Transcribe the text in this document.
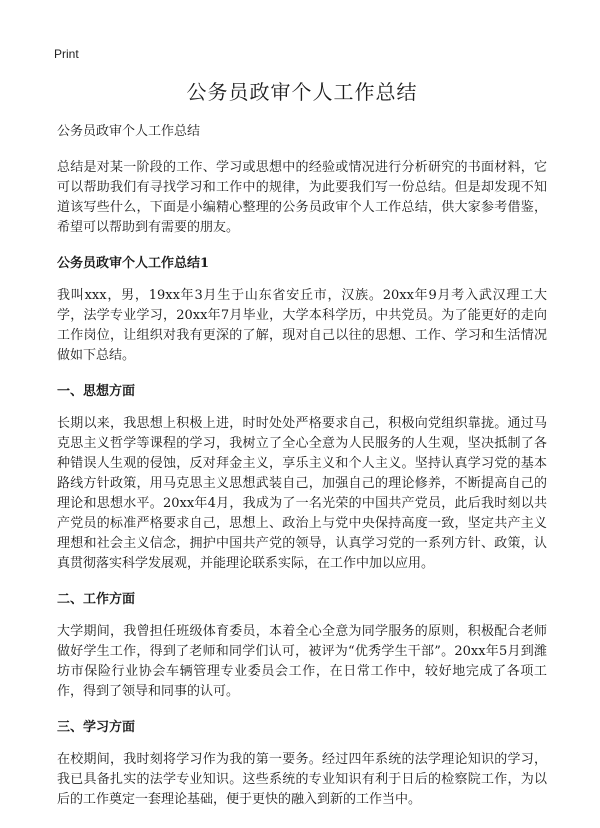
Print
公务员政审个人工作总结
公务员政审个人工作总结

总结是对某一阶段的工作、学习或思想中的经验或情况进行分析研究的书面材料，它可以帮助我们有寻找学习和工作中的规律，为此要我们写一份总结。但是却发现不知道该写些什么，下面是小编精心整理的公务员政审个人工作总结，供大家参考借鉴，希望可以帮助到有需要的朋友。

公务员政审个人工作总结1

我叫xxx，男，19xx年3月生于山东省安丘市，汉族。20xx年9月考入武汉理工大学，法学专业学习，20xx年7月毕业，大学本科学历，中共党员。为了能更好的走向工作岗位，让组织对我有更深的了解，现对自己以往的思想、工作、学习和生活情况做如下总结。

一、思想方面

长期以来，我思想上积极上进，时时处处严格要求自己，积极向党组织靠拢。通过马克思主义哲学等课程的学习，我树立了全心全意为人民服务的人生观，坚决抵制了各种错误人生观的侵蚀，反对拜金主义，享乐主义和个人主义。坚持认真学习党的基本路线方针政策，用马克思主义思想武装自己，加强自己的理论修养，不断提高自己的理论和思想水平。20xx年4月，我成为了一名光荣的中国共产党员，此后我时刻以共产党员的标准严格要求自己，思想上、政治上与党中央保持高度一致，坚定共产主义理想和社会主义信念，拥护中国共产党的领导，认真学习党的一系列方针、政策，认真贯彻落实科学发展观，并能理论联系实际，在工作中加以应用。

二、工作方面

大学期间，我曾担任班级体育委员，本着全心全意为同学服务的原则，积极配合老师做好学生工作，得到了老师和同学们认可，被评为“优秀学生干部”。20xx年5月到潍坊市保险行业协会车辆管理专业委员会工作，在日常工作中，较好地完成了各项工作，得到了领导和同事的认可。

三、学习方面

在校期间，我时刻将学习作为我的第一要务。经过四年系统的法学理论知识的学习，我已具备扎实的法学专业知识。这些系统的专业知识有利于日后的检察院工作，为以后的工作奠定一套理论基础，便于更快的融入到新的工作当中。
